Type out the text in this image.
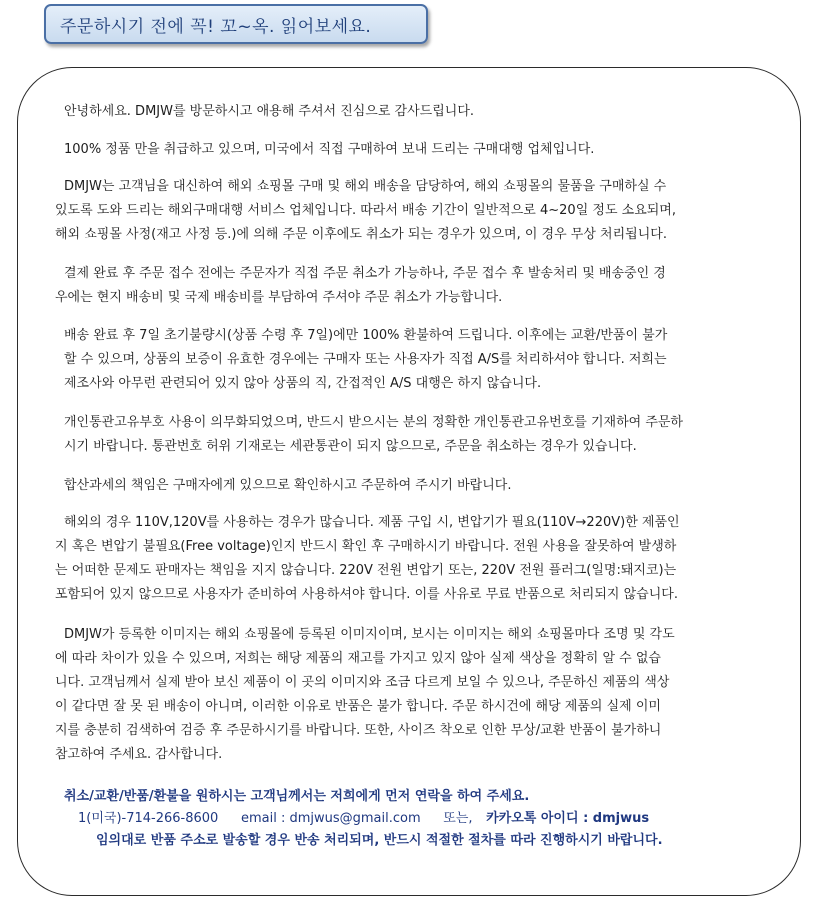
주문하시기 전에 꼭! 꼬~옥. 읽어보세요.
안녕하세요. DMJW를 방문하시고 애용해 주셔서 진심으로 감사드립니다.
100% 정품 만을 취급하고 있으며, 미국에서 직접 구매하여 보내 드리는 구매대행 업체입니다.
DMJW는 고객님을 대신하여 해외 쇼핑몰 구매 및 해외 배송을 담당하여, 해외 쇼핑몰의 물품을 구매하실 수
있도록 도와 드리는 해외구매대행 서비스 업체입니다. 따라서 배송 기간이 일반적으로 4~20일 정도 소요되며,
해외 쇼핑몰 사정(재고 사정 등.)에 의해 주문 이후에도 취소가 되는 경우가 있으며, 이 경우 무상 처리됩니다.
결제 완료 후 주문 접수 전에는 주문자가 직접 주문 취소가 가능하나, 주문 접수 후 발송처리 및 배송중인 경
우에는 현지 배송비 및 국제 배송비를 부담하여 주셔야 주문 취소가 가능합니다.
배송 완료 후 7일 초기불량시(상품 수령 후 7일)에만 100% 환불하여 드립니다. 이후에는 교환/반품이 불가
할 수 있으며, 상품의 보증이 유효한 경우에는 구매자 또는 사용자가 직접 A/S를 처리하셔야 합니다. 저희는
제조사와 아무런 관련되어 있지 않아 상품의 직, 간접적인 A/S 대행은 하지 않습니다.
개인통관고유부호 사용이 의무화되었으며, 반드시 받으시는 분의 정확한 개인통관고유번호를 기재하여 주문하
시기 바랍니다. 통관번호 허위 기재로는 세관통관이 되지 않으므로, 주문을 취소하는 경우가 있습니다.
합산과세의 책임은 구매자에게 있으므로 확인하시고 주문하여 주시기 바랍니다.
해외의 경우 110V,120V를 사용하는 경우가 많습니다. 제품 구입 시, 변압기가 필요(110V→220V)한 제품인
지 혹은 변압기 불필요(Free voltage)인지 반드시 확인 후 구매하시기 바랍니다. 전원 사용을 잘못하여 발생하
는 어떠한 문제도 판매자는 책임을 지지 않습니다. 220V 전원 변압기 또는, 220V 전원 플러그(일명:돼지코)는
포함되어 있지 않으므로 사용자가 준비하여 사용하셔야 합니다. 이를 사유로 무료 반품으로 처리되지 않습니다.
DMJW가 등록한 이미지는 해외 쇼핑몰에 등록된 이미지이며, 보시는 이미지는 해외 쇼핑몰마다 조명 및 각도
에 따라 차이가 있을 수 있으며, 저희는 해당 제품의 재고를 가지고 있지 않아 실제 색상을 정확히 알 수 없습
니다. 고객님께서 실제 받아 보신 제품이 이 곳의 이미지와 조금 다르게 보일 수 있으나, 주문하신 제품의 색상
이 같다면 잘 못 된 배송이 아니며, 이러한 이유로 반품은 불가 합니다. 주문 하시건에 해당 제품의 실제 이미
지를 충분히 검색하여 검증 후 주문하시기를 바랍니다. 또한, 사이즈 착오로 인한 무상/교환 반품이 불가하니
참고하여 주세요. 감사합니다.
취소/교환/반품/환불을 원하시는 고객님께서는 저희에게 먼저 연락을 하여 주세요.
1(미국)-714-266-8600 email : dmjwus@gmail.com 또는, 카카오톡 아이디 : dmjwus
임의대로 반품 주소로 발송할 경우 반송 처리되며, 반드시 적절한 절차를 따라 진행하시기 바랍니다.
